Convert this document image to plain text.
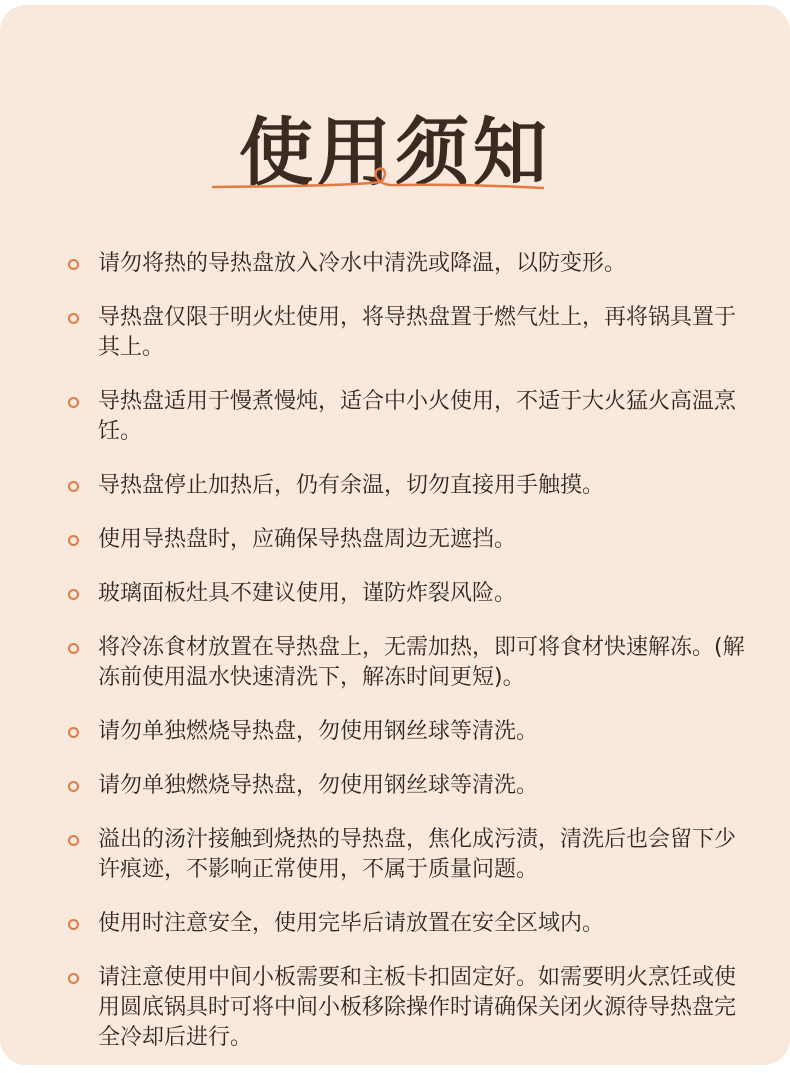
使用须知
请勿将热的导热盘放入冷水中清洗或降温，以防变形。
导热盘仅限于明火灶使用，将导热盘置于燃气灶上，再将锅具置于其上。
导热盘适用于慢煮慢炖，适合中小火使用，不适于大火猛火高温烹饪。
导热盘停止加热后，仍有余温，切勿直接用手触摸。
使用导热盘时，应确保导热盘周边无遮挡。
玻璃面板灶具不建议使用，谨防炸裂风险。
将冷冻食材放置在导热盘上，无需加热，即可将食材快速解冻。(解冻前使用温水快速清洗下，解冻时间更短)。
请勿单独燃烧导热盘，勿使用钢丝球等清洗。
请勿单独燃烧导热盘，勿使用钢丝球等清洗。
溢出的汤汁接触到烧热的导热盘，焦化成污渍，清洗后也会留下少许痕迹，不影响正常使用，不属于质量问题。
使用时注意安全，使用完毕后请放置在安全区域内。
请注意使用中间小板需要和主板卡扣固定好。如需要明火烹饪或使用圆底锅具时可将中间小板移除操作时请确保关闭火源待导热盘完全冷却后进行。
